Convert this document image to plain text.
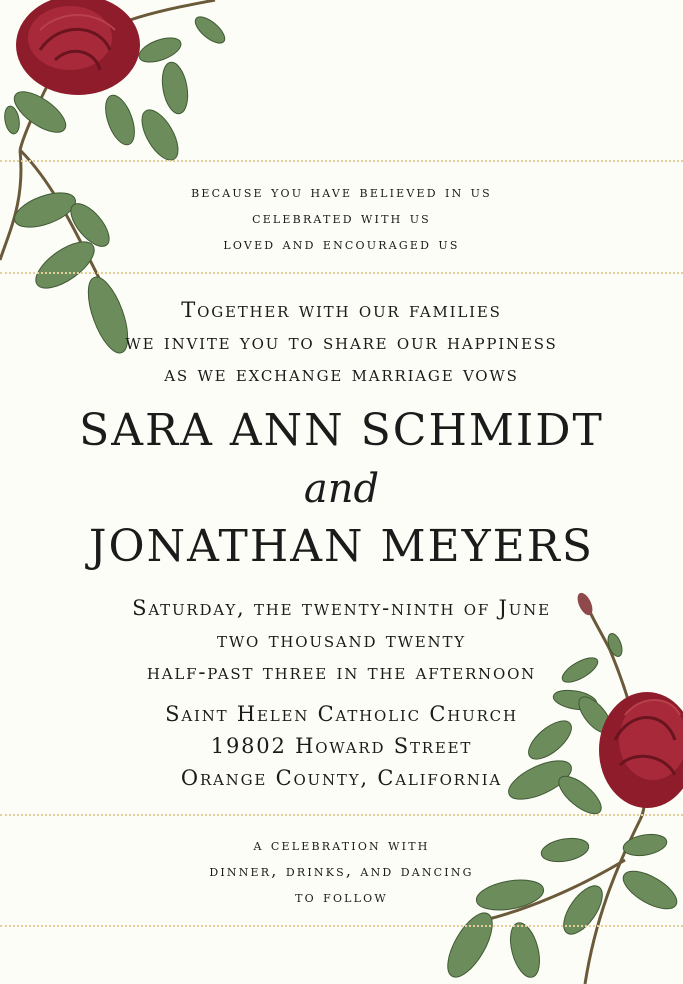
because you have believed in us
celebrated with us
loved and encouraged us
Together with our families
we invite you to share our happiness
as we exchange marriage vows
SARA ANN SCHMIDT
and
JONATHAN MEYERS
Saturday, the twenty-ninth of June
two thousand twenty
half-past three in the afternoon
Saint Helen Catholic Church
19802 Howard Street
Orange County, California
a celebration with
dinner, drinks, and dancing
to follow
